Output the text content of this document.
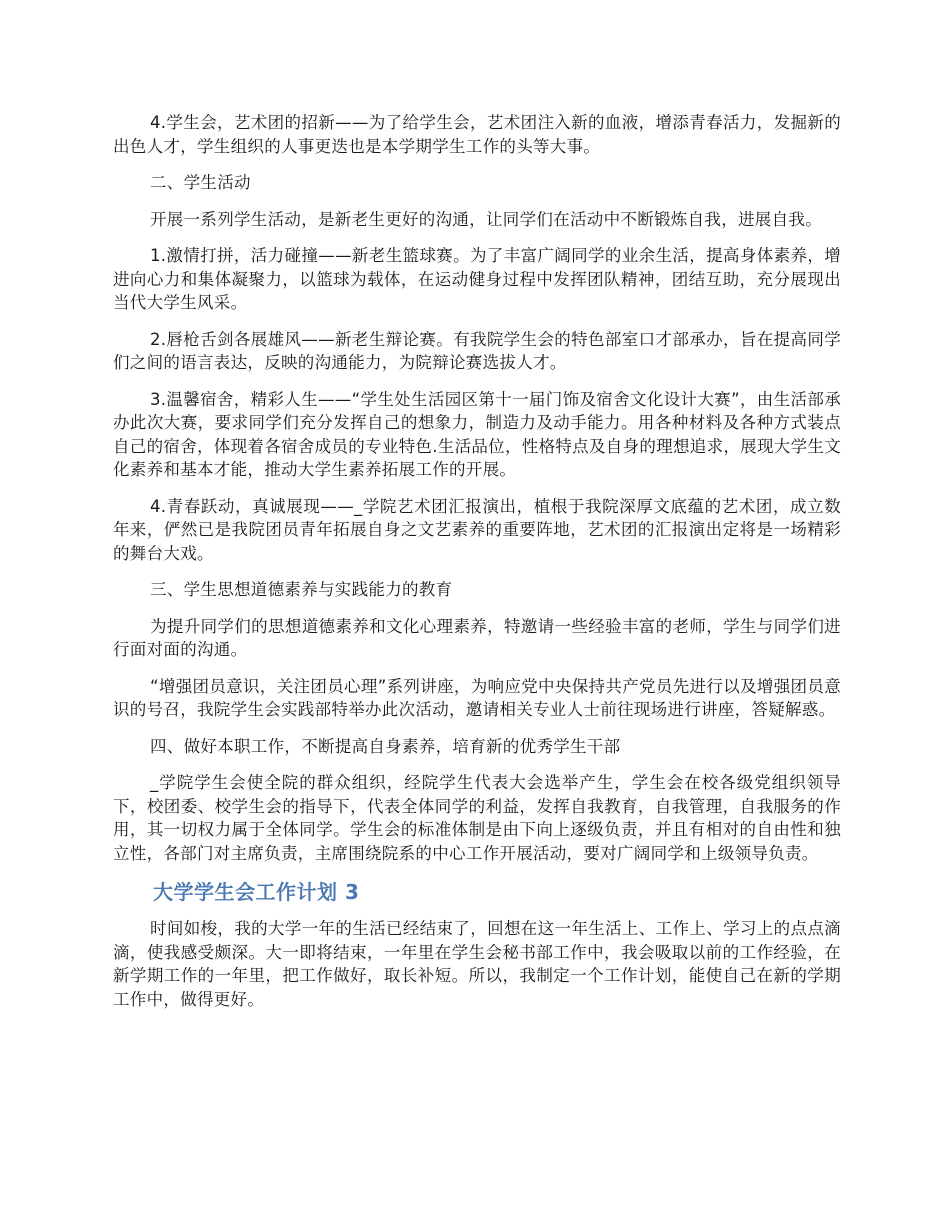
4.学生会，艺术团的招新——为了给学生会，艺术团注入新的血液，增添青春活力，发掘新的出色人才，学生组织的人事更迭也是本学期学生工作的头等大事。

二、学生活动

开展一系列学生活动，是新老生更好的沟通，让同学们在活动中不断锻炼自我，进展自我。

1.激情打拼，活力碰撞——新老生篮球赛。为了丰富广阔同学的业余生活，提高身体素养，增进向心力和集体凝聚力，以篮球为载体，在运动健身过程中发挥团队精神，团结互助，充分展现出当代大学生风采。

2.唇枪舌剑各展雄风——新老生辩论赛。有我院学生会的特色部室口才部承办，旨在提高同学们之间的语言表达，反映的沟通能力，为院辩论赛选拔人才。

3.温馨宿舍，精彩人生——“学生处生活园区第十一届门饰及宿舍文化设计大赛”，由生活部承办此次大赛，要求同学们充分发挥自己的想象力，制造力及动手能力。用各种材料及各种方式装点自己的宿舍，体现着各宿舍成员的专业特色.生活品位，性格特点及自身的理想追求，展现大学生文化素养和基本才能，推动大学生素养拓展工作的开展。

4.青春跃动，真诚展现——_学院艺术团汇报演出，植根于我院深厚文底蕴的艺术团，成立数年来，俨然已是我院团员青年拓展自身之文艺素养的重要阵地，艺术团的汇报演出定将是一场精彩的舞台大戏。

三、学生思想道德素养与实践能力的教育

为提升同学们的思想道德素养和文化心理素养，特邀请一些经验丰富的老师，学生与同学们进行面对面的沟通。

“增强团员意识，关注团员心理”系列讲座，为响应党中央保持共产党员先进行以及增强团员意识的号召，我院学生会实践部特举办此次活动，邀请相关专业人士前往现场进行讲座，答疑解惑。

四、做好本职工作，不断提高自身素养，培育新的优秀学生干部

_学院学生会使全院的群众组织，经院学生代表大会选举产生，学生会在校各级党组织领导下，校团委、校学生会的指导下，代表全体同学的利益，发挥自我教育，自我管理，自我服务的作用，其一切权力属于全体同学。学生会的标准体制是由下向上逐级负责，并且有相对的自由性和独立性，各部门对主席负责，主席围绕院系的中心工作开展活动，要对广阔同学和上级领导负责。

大学学生会工作计划 3

时间如梭，我的大学一年的生活已经结束了，回想在这一年生活上、工作上、学习上的点点滴滴，使我感受颇深。大一即将结束，一年里在学生会秘书部工作中，我会吸取以前的工作经验，在新学期工作的一年里，把工作做好，取长补短。所以，我制定一个工作计划，能使自己在新的学期工作中，做得更好。
